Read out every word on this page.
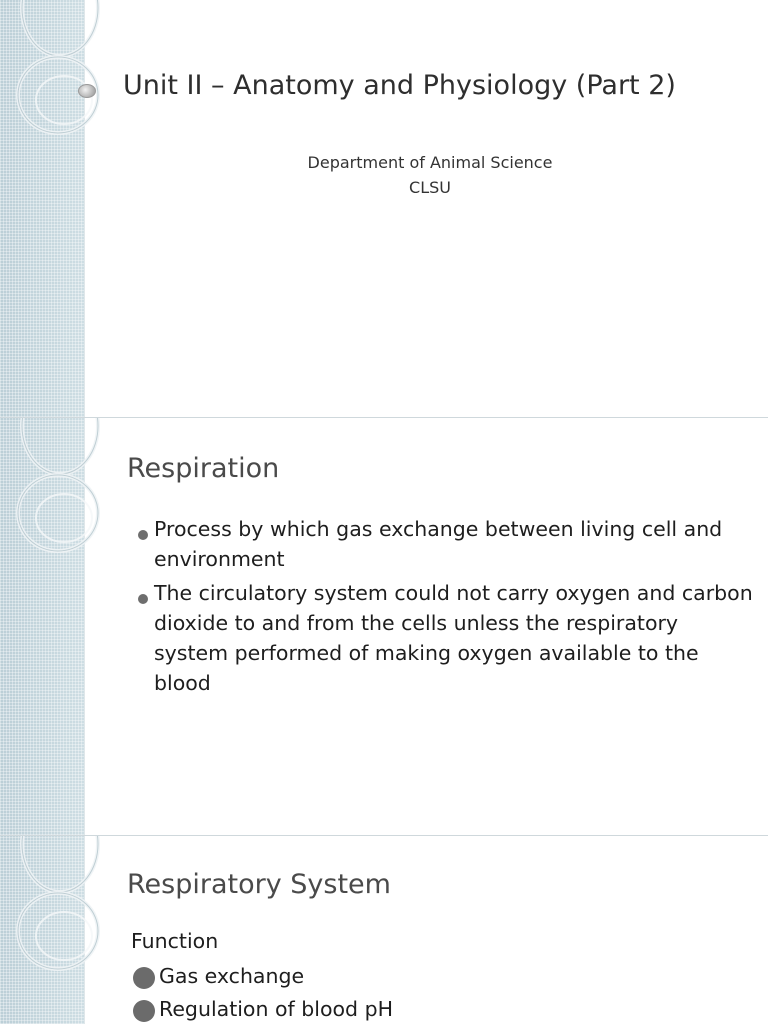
Unit II – Anatomy and Physiology (Part 2)
Department of Animal Science
CLSU
Respiration
Process by which gas exchange between living cell and environment
The circulatory system could not carry oxygen and carbon dioxide to and from the cells unless the respiratory system performed of making oxygen available to the blood
Respiratory System
Function
Gas exchange
Regulation of blood pH
